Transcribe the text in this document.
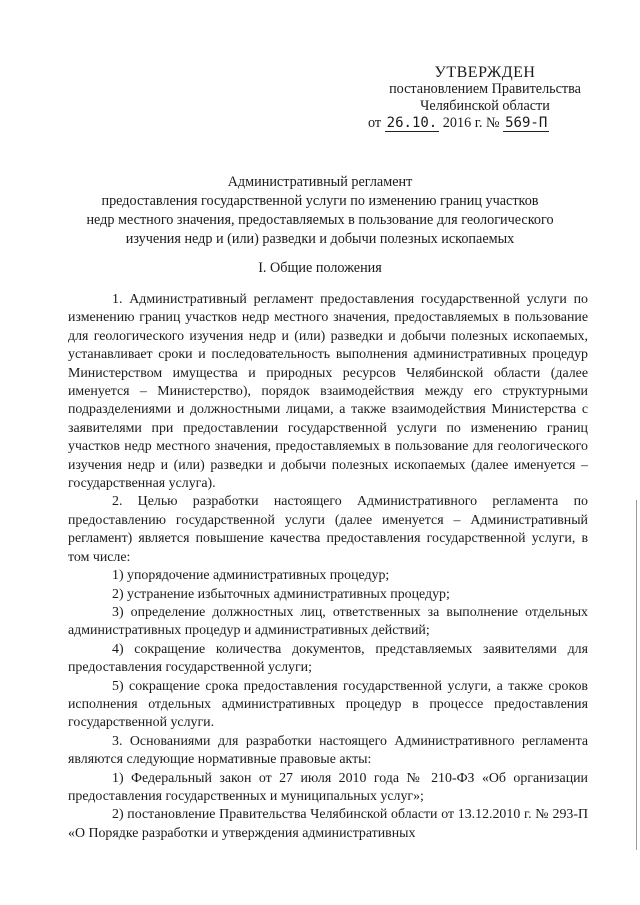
УТВЕРЖДЕН
постановлением Правительства
Челябинской области
от 26.10. 2016 г. № 569-П
Административный регламент
предоставления государственной услуги по изменению границ участков
недр местного значения, предоставляемых в пользование для геологического
изучения недр и (или) разведки и добычи полезных ископаемых
I. Общие положения

1. Административный регламент предоставления государственной услуги по изменению границ участков недр местного значения, предоставляемых в пользование для геологического изучения недр и (или) разведки и добычи полезных ископаемых, устанавливает сроки и последовательность выполнения административных процедур Министерством имущества и природных ресурсов Челябинской области (далее именуется – Министерство), порядок взаимодействия между его структурными подразделениями и должностными лицами, а также взаимодействия Министерства с заявителями при предоставлении государственной услуги по изменению границ участков недр местного значения, предоставляемых в пользование для геологического изучения недр и (или) разведки и добычи полезных ископаемых (далее именуется – государственная услуга).

2. Целью разработки настоящего Административного регламента по предоставлению государственной услуги (далее именуется – Административный регламент) является повышение качества предоставления государственной услуги, в том числе:

1) упорядочение административных процедур;

2) устранение избыточных административных процедур;

3) определение должностных лиц, ответственных за выполнение отдельных административных процедур и административных действий;

4) сокращение количества документов, представляемых заявителями для предоставления государственной услуги;

5) сокращение срока предоставления государственной услуги, а также сроков исполнения отдельных административных процедур в процессе предоставления государственной услуги.

3. Основаниями для разработки настоящего Административного регламента являются следующие нормативные правовые акты:

1) Федеральный закон от 27 июля 2010 года № 210-ФЗ «Об организации предоставления государственных и муниципальных услуг»;

2) постановление Правительства Челябинской области от 13.12.2010 г. № 293-П «О Порядке разработки и утверждения административных
